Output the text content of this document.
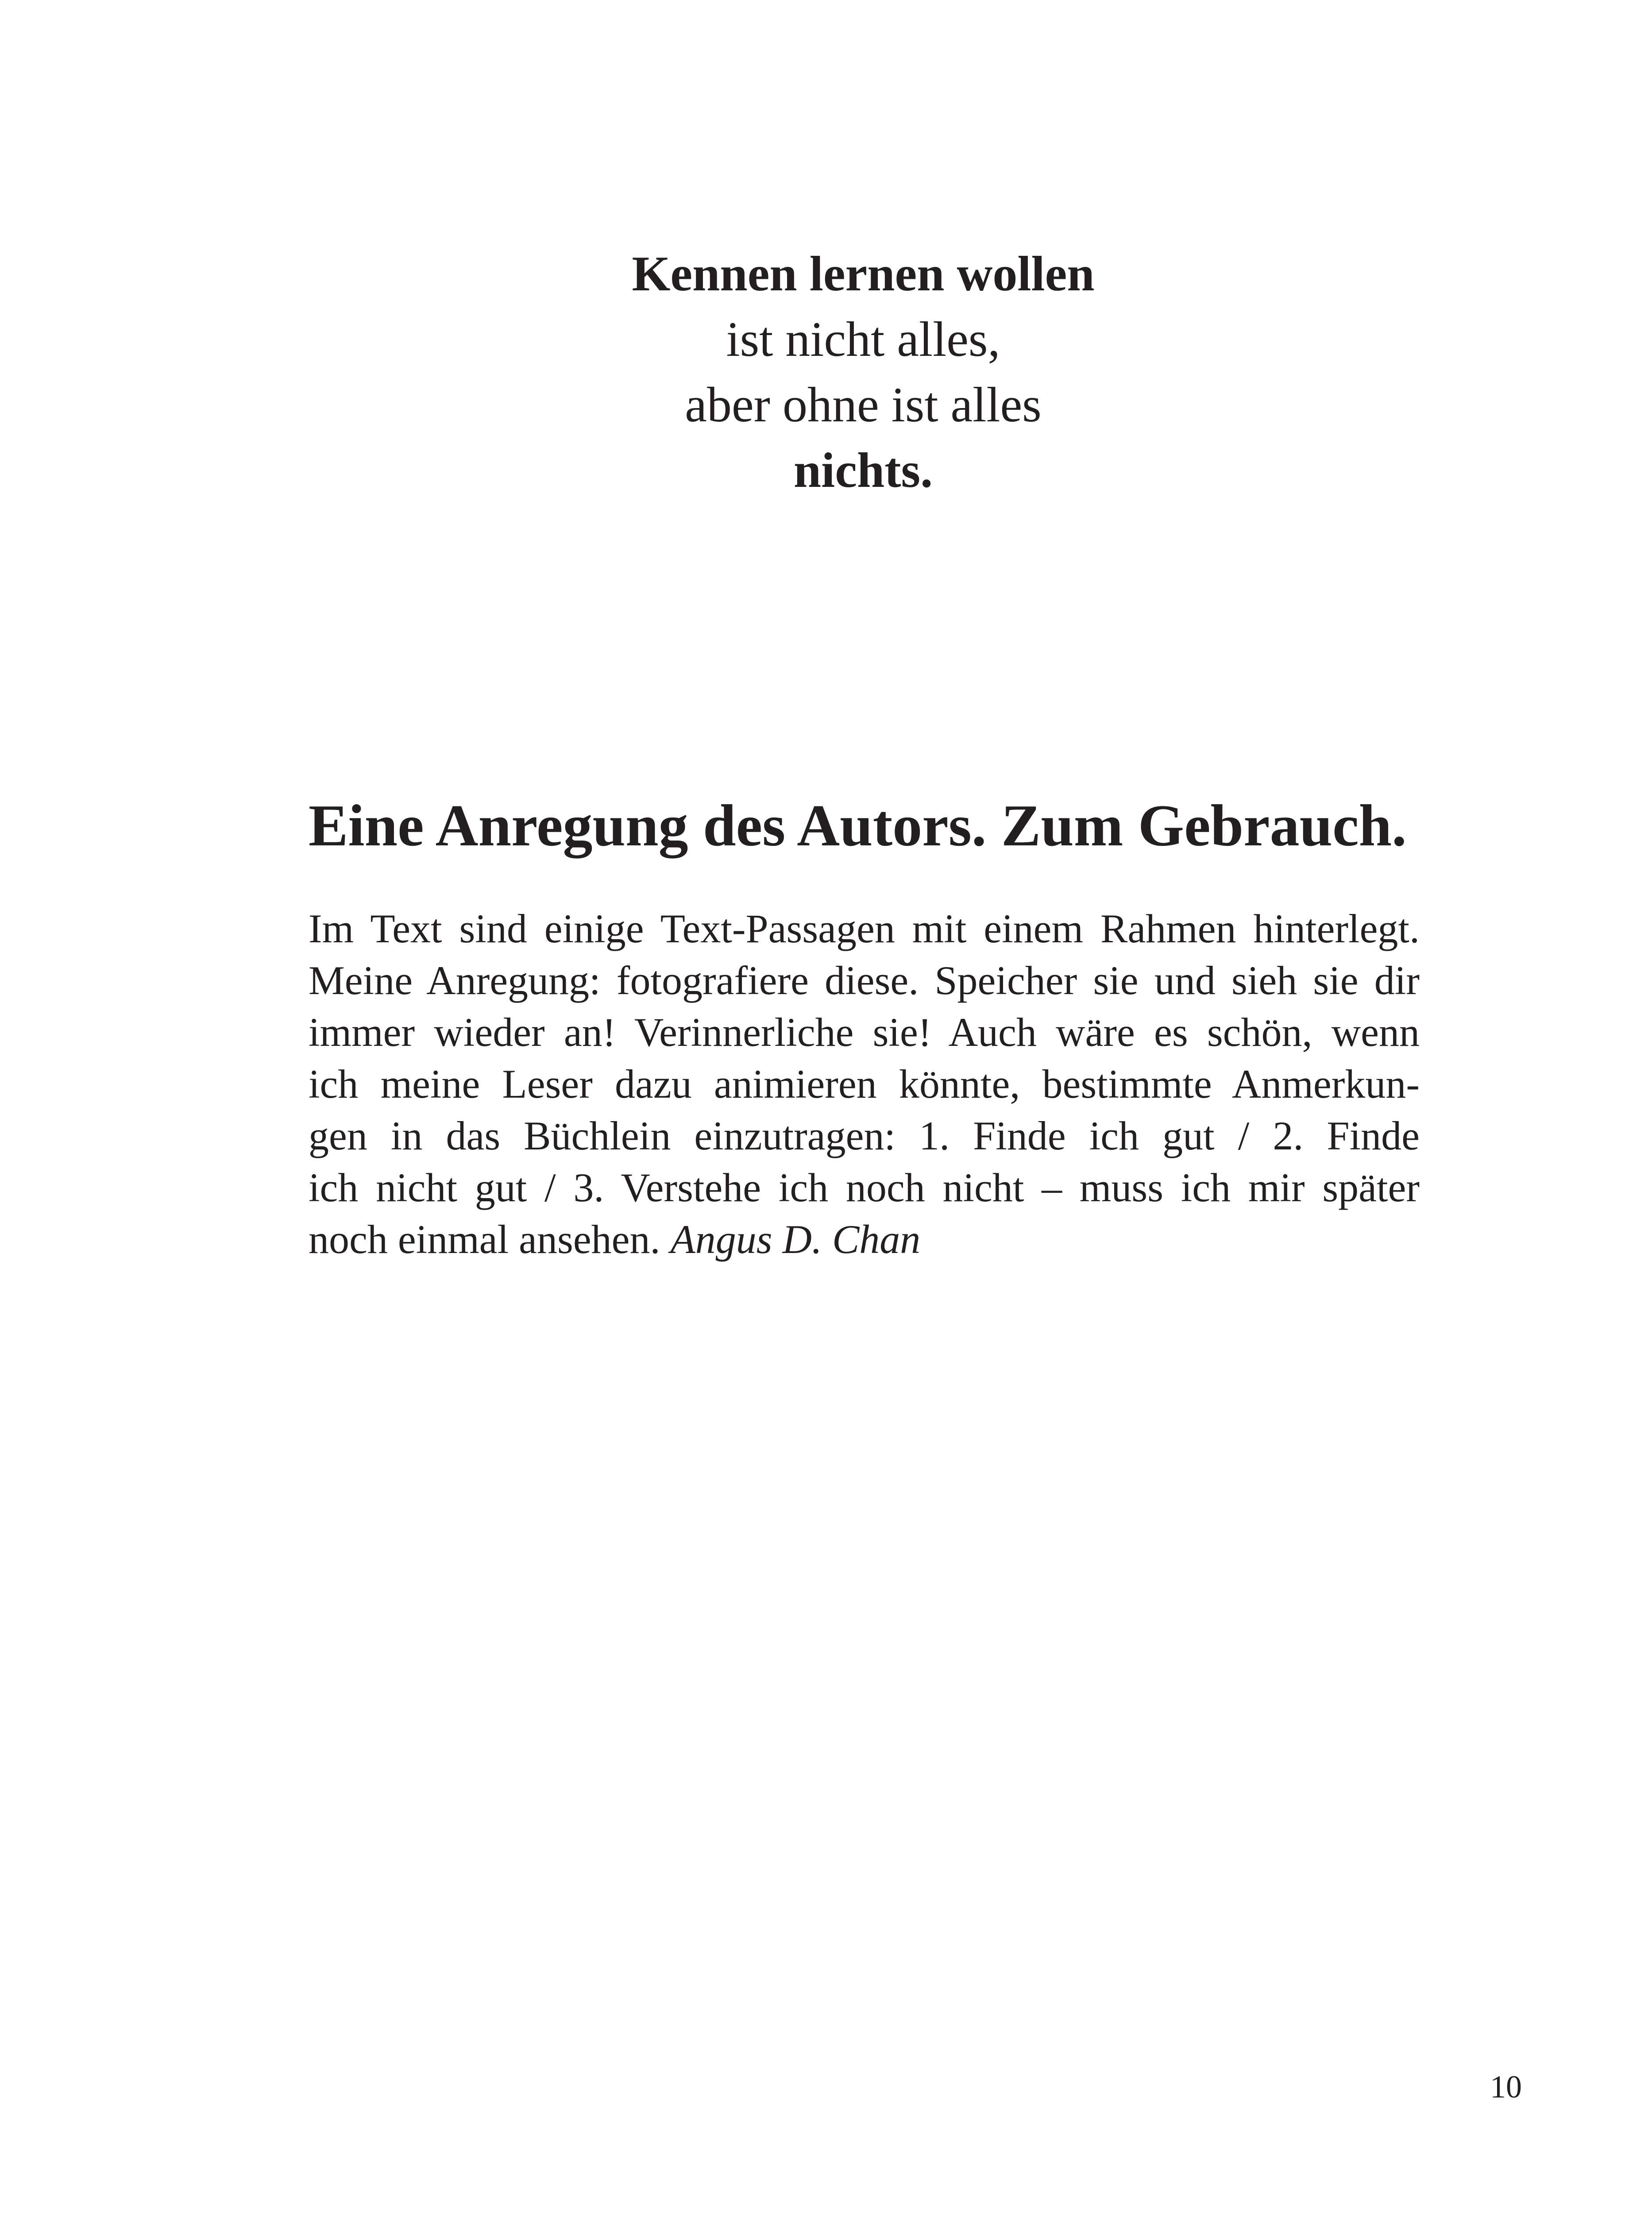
Kennen lernen wollen
ist nicht alles,
aber ohne ist alles
nichts.
Eine Anregung des Autors. Zum Gebrauch.
Im Text sind einige Text-Passagen mit einem Rahmen hinterlegt.
Meine Anregung: fotografiere diese. Speicher sie und sieh sie dir
immer wieder an! Verinnerliche sie! Auch wäre es schön, wenn
ich meine Leser dazu animieren könnte, bestimmte Anmerkun-
gen in das Büchlein einzutragen: 1. Finde ich gut / 2. Finde
ich nicht gut / 3. Verstehe ich noch nicht – muss ich mir später
noch einmal ansehen. Angus D. Chan
10
